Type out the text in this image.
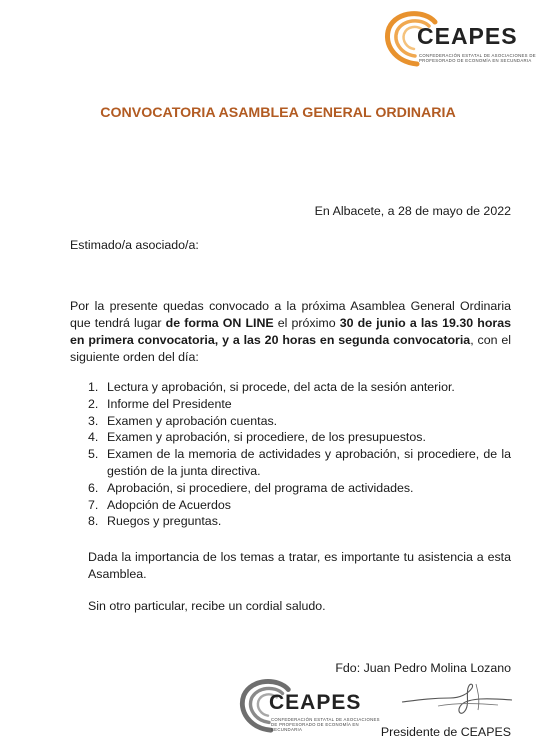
CEAPES
CONFEDERACIÓN ESTATAL DE ASOCIACIONES DE PROFESORADO DE ECONOMÍA EN SECUNDARIA
CONVOCATORIA ASAMBLEA GENERAL ORDINARIA
En Albacete, a 28 de mayo de 2022
Estimado/a asociado/a:
Por la presente quedas convocado a la próxima Asamblea General Ordinaria que tendrá lugar de forma ON LINE el próximo 30 de junio a las 19.30 horas en primera convocatoria, y a las 20 horas en segunda convocatoria, con el siguiente orden del día:
1. Lectura y aprobación, si procede, del acta de la sesión anterior.
2. Informe del Presidente
3. Examen y aprobación cuentas.
4. Examen y aprobación, si procediere, de los presupuestos.
5. Examen de la memoria de actividades y aprobación, si procediere, de la gestión de la junta directiva.
6. Aprobación, si procediere, del programa de actividades.
7. Adopción de Acuerdos
8. Ruegos y preguntas.
Dada la importancia de los temas a tratar, es importante tu asistencia a esta Asamblea.
Sin otro particular, recibe un cordial saludo.
Fdo: Juan Pedro Molina Lozano
Presidente de CEAPES
CEAPES
CONFEDERACIÓN ESTATAL DE ASOCIACIONES DE PROFESORADO DE ECONOMÍA EN SECUNDARIA
